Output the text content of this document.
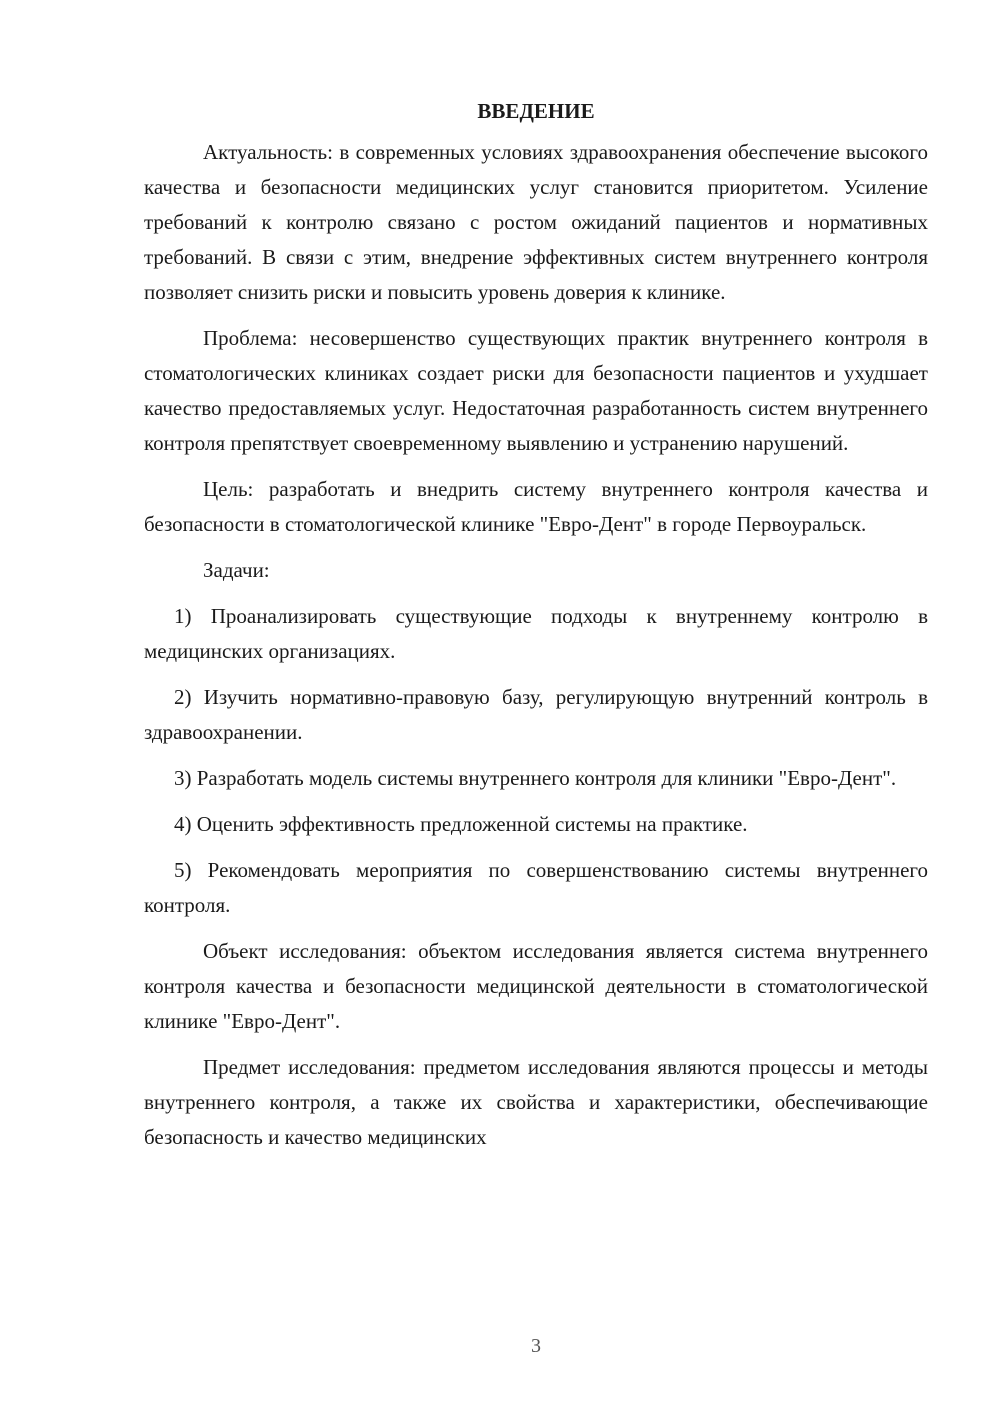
ВВЕДЕНИЕ

Актуальность: в современных условиях здравоохранения обеспечение высокого качества и безопасности медицинских услуг становится приоритетом. Усиление требований к контролю связано с ростом ожиданий пациентов и нормативных требований. В связи с этим, внедрение эффективных систем внутреннего контроля позволяет снизить риски и повысить уровень доверия к клинике.

Проблема: несовершенство существующих практик внутреннего контроля в стоматологических клиниках создает риски для безопасности пациентов и ухудшает качество предоставляемых услуг. Недостаточная разработанность систем внутреннего контроля препятствует своевременному выявлению и устранению нарушений.

Цель: разработать и внедрить систему внутреннего контроля качества и безопасности в стоматологической клинике "Евро-Дент" в городе Первоуральск.

Задачи:

1) Проанализировать существующие подходы к внутреннему контролю в медицинских организациях.

2) Изучить нормативно-правовую базу, регулирующую внутренний контроль в здравоохранении.

3) Разработать модель системы внутреннего контроля для клиники "Евро-Дент".

4) Оценить эффективность предложенной системы на практике.

5) Рекомендовать мероприятия по совершенствованию системы внутреннего контроля.

Объект исследования: объектом исследования является система внутреннего контроля качества и безопасности медицинской деятельности в стоматологической клинике "Евро-Дент".

Предмет исследования: предметом исследования являются процессы и методы внутреннего контроля, а также их свойства и характеристики, обеспечивающие безопасность и качество медицинских

3
